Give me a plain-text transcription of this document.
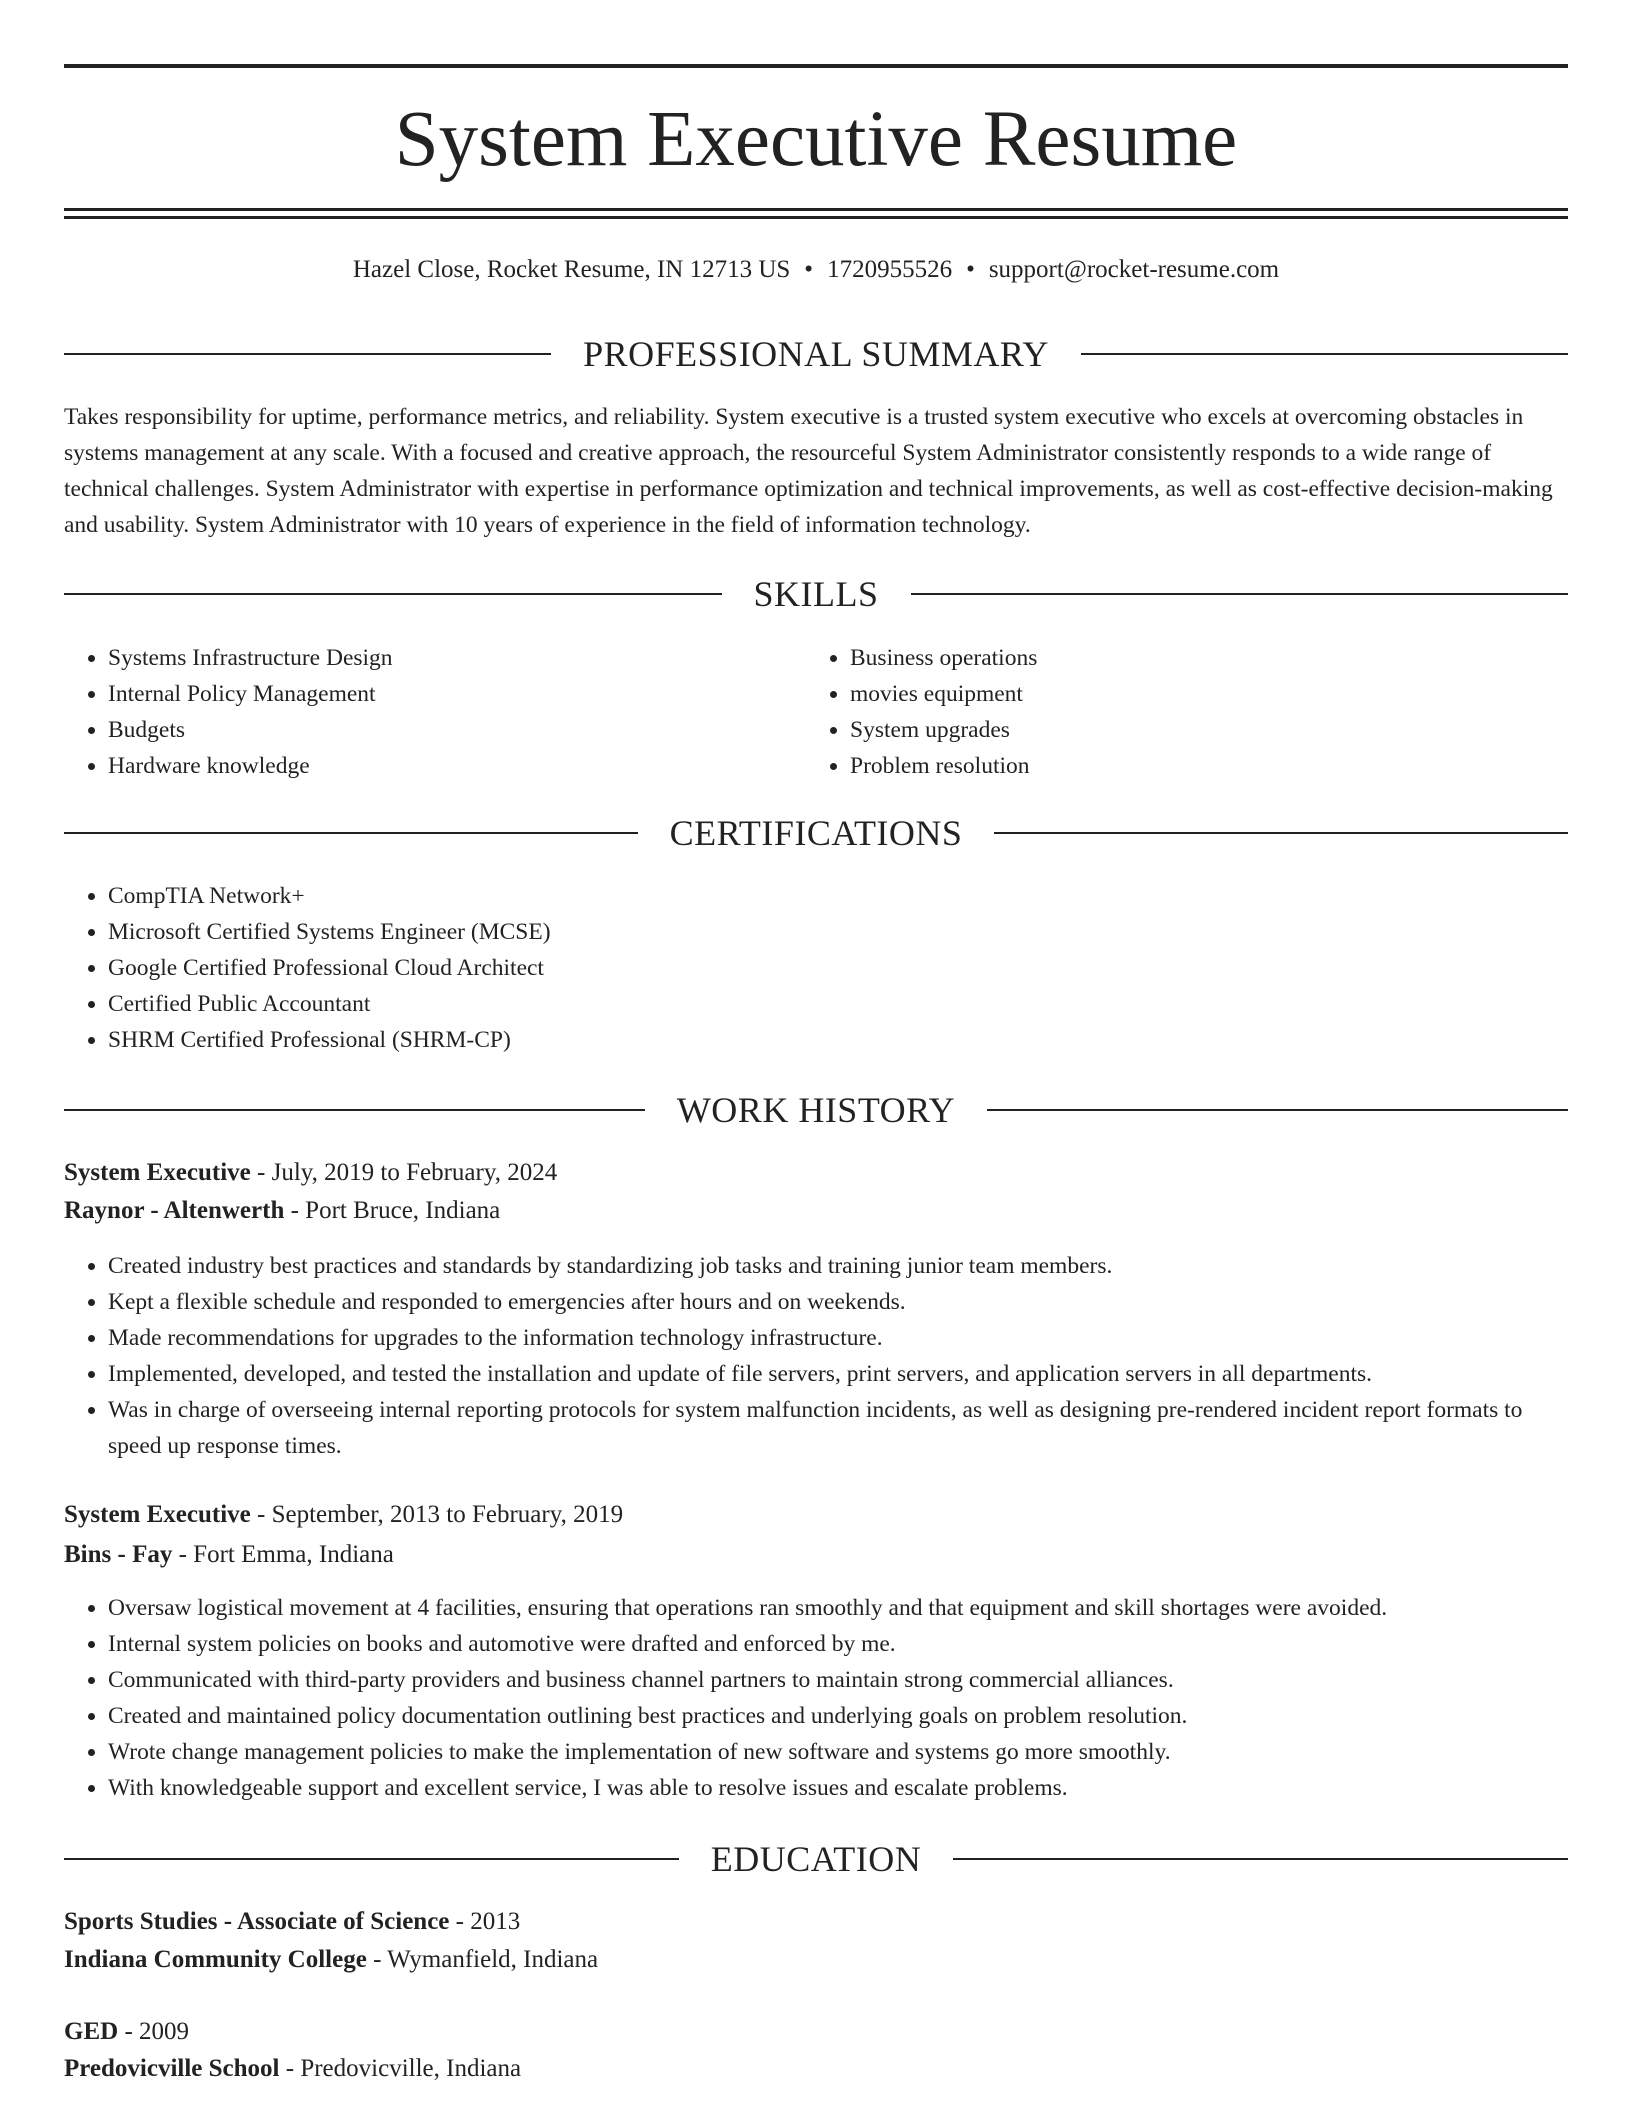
System Executive Resume
Hazel Close, Rocket Resume, IN 12713 US • 1720955526 • support@rocket-resume.com
PROFESSIONAL SUMMARY

Takes responsibility for uptime, performance metrics, and reliability. System executive is a trusted system executive who excels at overcoming obstacles in systems management at any scale. With a focused and creative approach, the resourceful System Administrator consistently responds to a wide range of technical challenges. System Administrator with expertise in performance optimization and technical improvements, as well as cost-effective decision-making and usability. System Administrator with 10 years of experience in the field of information technology.

SKILLS
• Systems Infrastructure Design
• Internal Policy Management
• Budgets
• Hardware knowledge
• Business operations
• movies equipment
• System upgrades
• Problem resolution
CERTIFICATIONS
• CompTIA Network+
• Microsoft Certified Systems Engineer (MCSE)
• Google Certified Professional Cloud Architect
• Certified Public Accountant
• SHRM Certified Professional (SHRM-CP)
WORK HISTORY
System Executive - July, 2019 to February, 2024
Raynor - Altenwerth - Port Bruce, Indiana
• Created industry best practices and standards by standardizing job tasks and training junior team members.
• Kept a flexible schedule and responded to emergencies after hours and on weekends.
• Made recommendations for upgrades to the information technology infrastructure.
• Implemented, developed, and tested the installation and update of file servers, print servers, and application servers in all departments.
• Was in charge of overseeing internal reporting protocols for system malfunction incidents, as well as designing pre-rendered incident report formats to speed up response times.
System Executive - September, 2013 to February, 2019
Bins - Fay - Fort Emma, Indiana
• Oversaw logistical movement at 4 facilities, ensuring that operations ran smoothly and that equipment and skill shortages were avoided.
• Internal system policies on books and automotive were drafted and enforced by me.
• Communicated with third-party providers and business channel partners to maintain strong commercial alliances.
• Created and maintained policy documentation outlining best practices and underlying goals on problem resolution.
• Wrote change management policies to make the implementation of new software and systems go more smoothly.
• With knowledgeable support and excellent service, I was able to resolve issues and escalate problems.
EDUCATION
Sports Studies - Associate of Science - 2013
Indiana Community College - Wymanfield, Indiana
GED - 2009
Predovicville School - Predovicville, Indiana
